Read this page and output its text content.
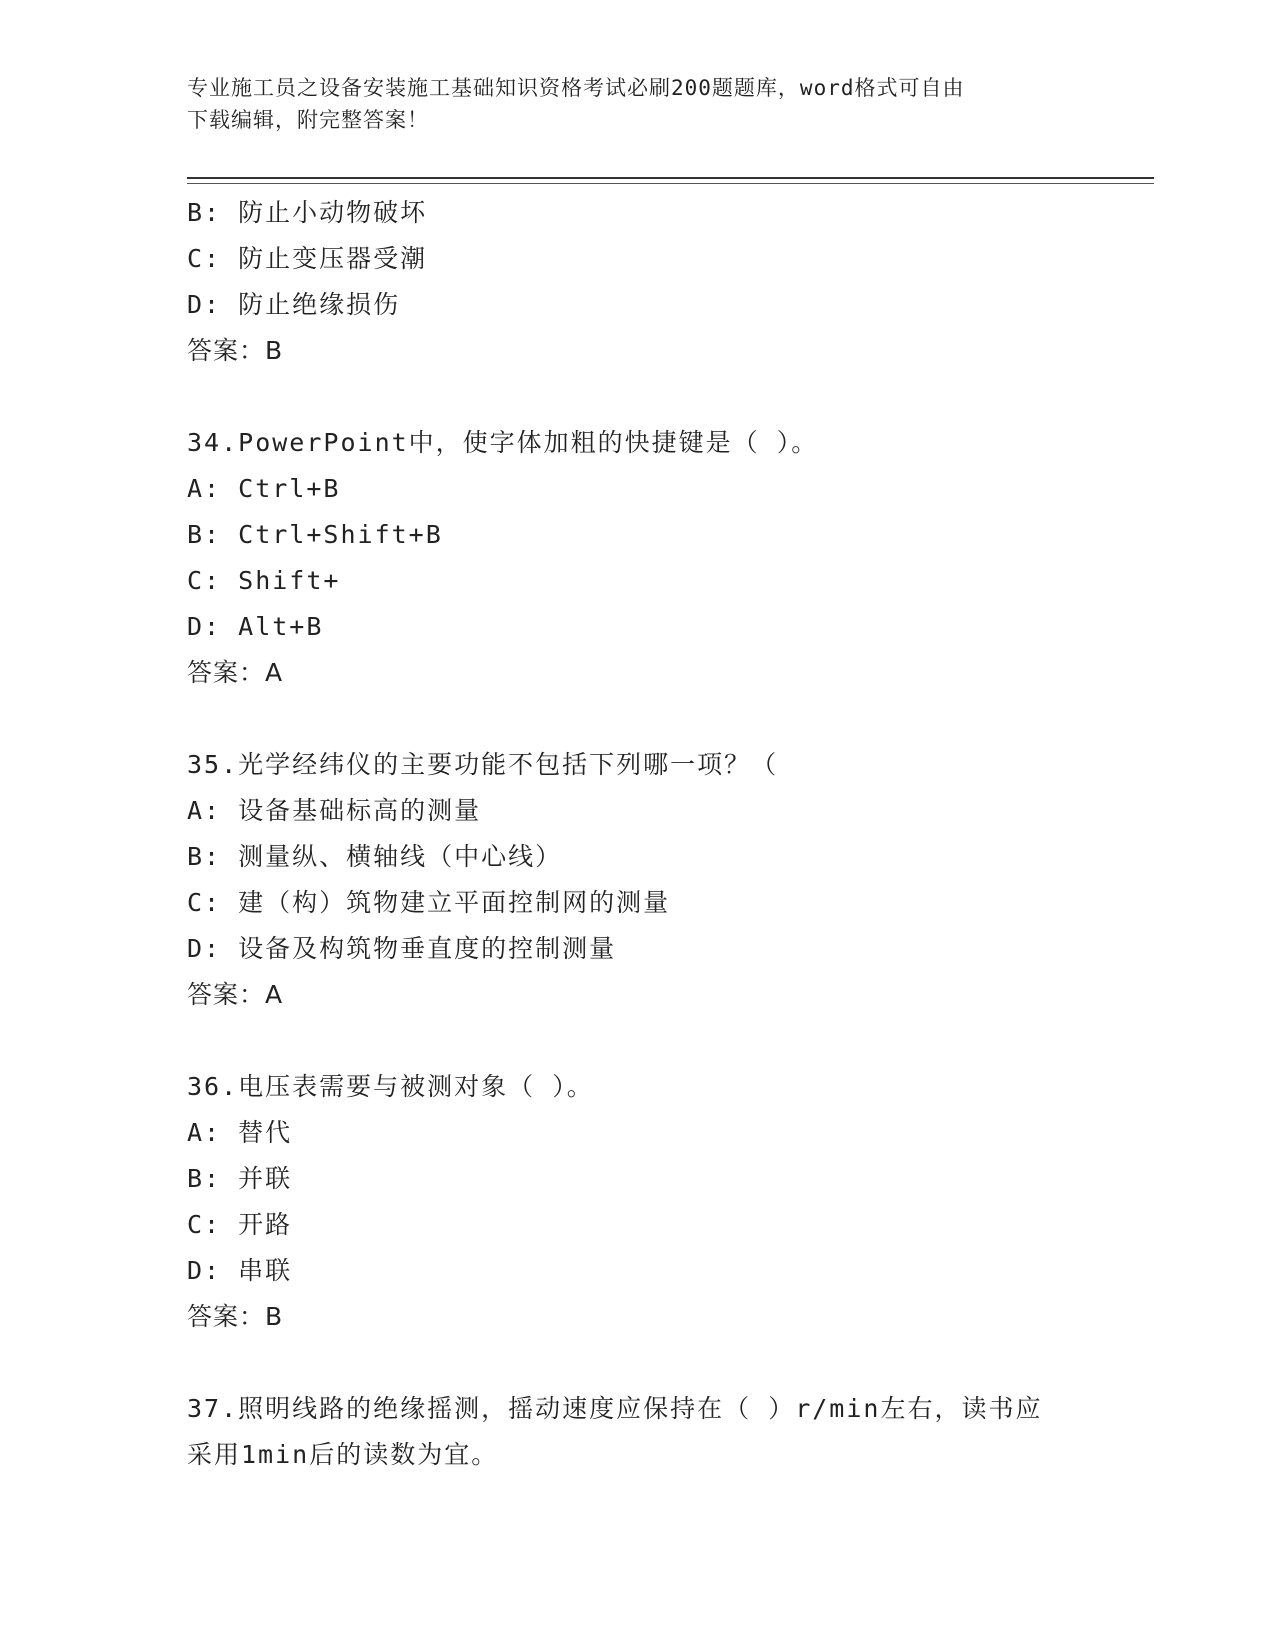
专业施工员之设备安装施工基础知识资格考试必刷200题题库，word格式可自由
下载编辑，附完整答案！
B: 防止小动物破坏
C: 防止变压器受潮
D: 防止绝缘损伤
答案：B
34.PowerPoint中，使字体加粗的快捷键是（ ）。
A: Ctrl+B
B: Ctrl+Shift+B
C: Shift+
D: Alt+B
答案：A
35.光学经纬仪的主要功能不包括下列哪一项？（
A: 设备基础标高的测量
B: 测量纵、横轴线（中心线）
C: 建（构）筑物建立平面控制网的测量
D: 设备及构筑物垂直度的控制测量
答案：A
36.电压表需要与被测对象（ ）。
A: 替代
B: 并联
C: 开路
D: 串联
答案：B
37.照明线路的绝缘摇测，摇动速度应保持在（ ）r/min左右，读书应
采用1min后的读数为宜。
